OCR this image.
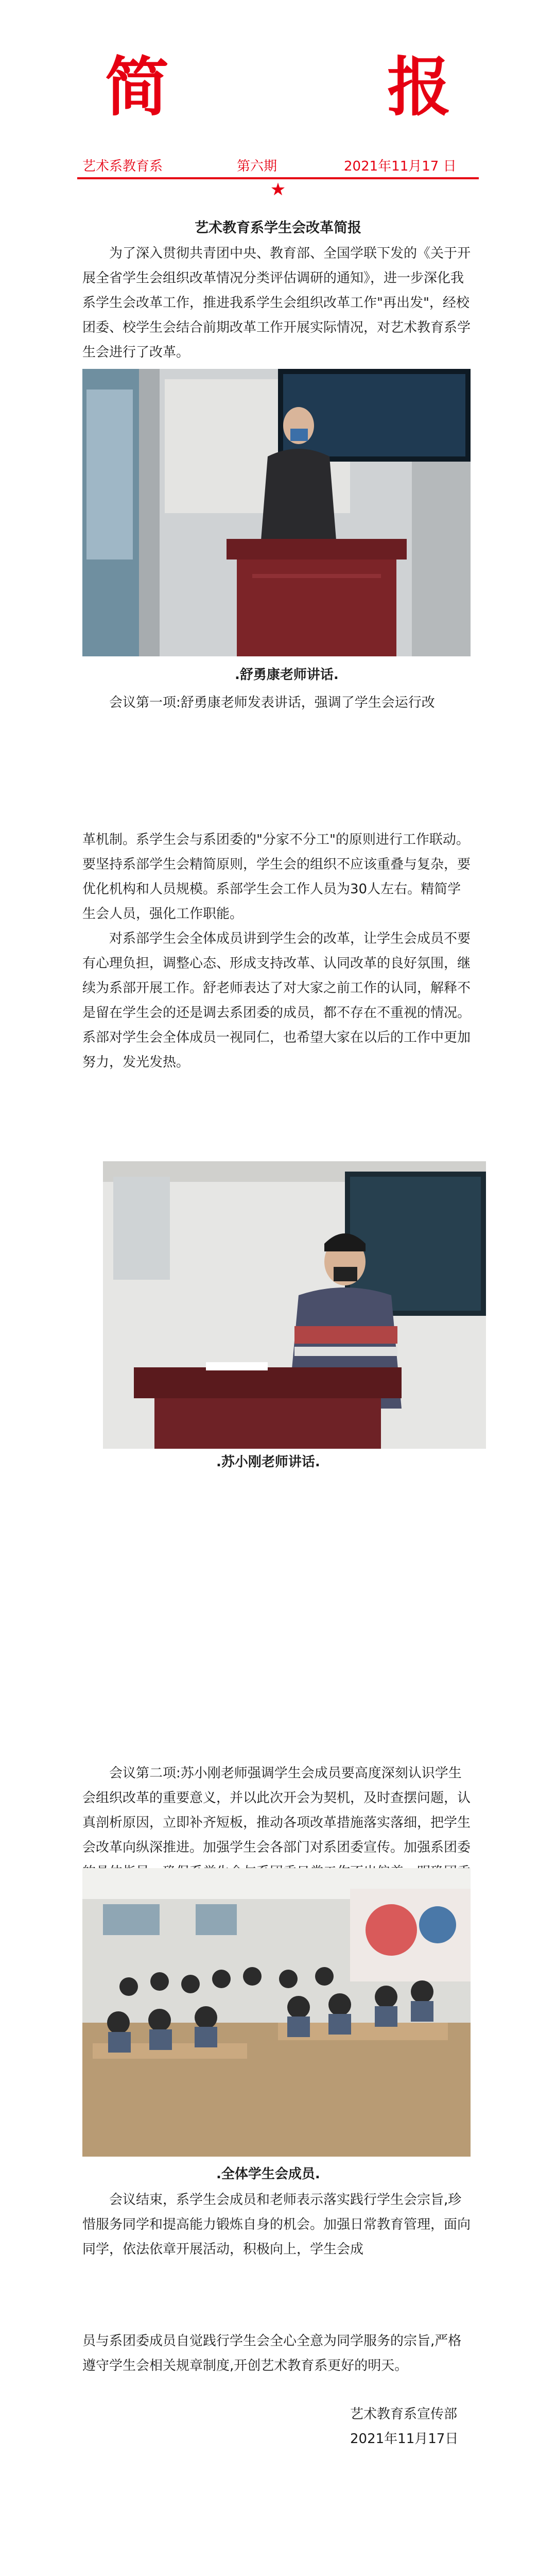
简　报
艺术系教育系	第六期	2021年11月17 日
★
艺术教育系学生会改革简报

为了深入贯彻共青团中央、教育部、全国学联下发的《关于开展全省学生会组织改革情况分类评估调研的通知》，进一步深化我系学生会改革工作，推进我系学生会组织改革工作"再出发"，经校团委、校学生会结合前期改革工作开展实际情况，对艺术教育系学生会进行了改革。

.舒勇康老师讲话.

会议第一项:舒勇康老师发表讲话，强调了学生会运行改

革机制。系学生会与系团委的"分家不分工"的原则进行工作联动。要坚持系部学生会精简原则，学生会的组织不应该重叠与复杂，要优化机构和人员规模。系部学生会工作人员为30人左右。精简学生会人员，强化工作职能。

对系部学生会全体成员讲到学生会的改革，让学生会成员不要有心理负担，调整心态、形成支持改革、认同改革的良好氛围，继续为系部开展工作。舒老师表达了对大家之前工作的认同，解释不是留在学生会的还是调去系团委的成员，都不存在不重视的情况。系部对学生会全体成员一视同仁，也希望大家在以后的工作中更加努力，发光发热。

.苏小刚老师讲话.

会议第二项:苏小刚老师强调学生会成员要高度深刻认识学生会组织改革的重要意义，并以此次开会为契机，及时查摆问题，认真剖析原因，立即补齐短板，推动各项改革措施落实落细，把学生会改革向纵深推进。加强学生会各部门对系团委宣传。加强系团委

.全体学生会成员.

会议结束，系学生会成员和老师表示落实践行学生会宗旨,珍惜服务同学和提高能力锻炼自身的机会。加强日常教育管理，面向同学，依法依章开展活动，积极向上，学生会成

员与系团委成员自觉践行学生会全心全意为同学服务的宗旨,严格遵守学生会相关规章制度,开创艺术教育系更好的明天。

艺术教育系宣传部
2021年11月17日
